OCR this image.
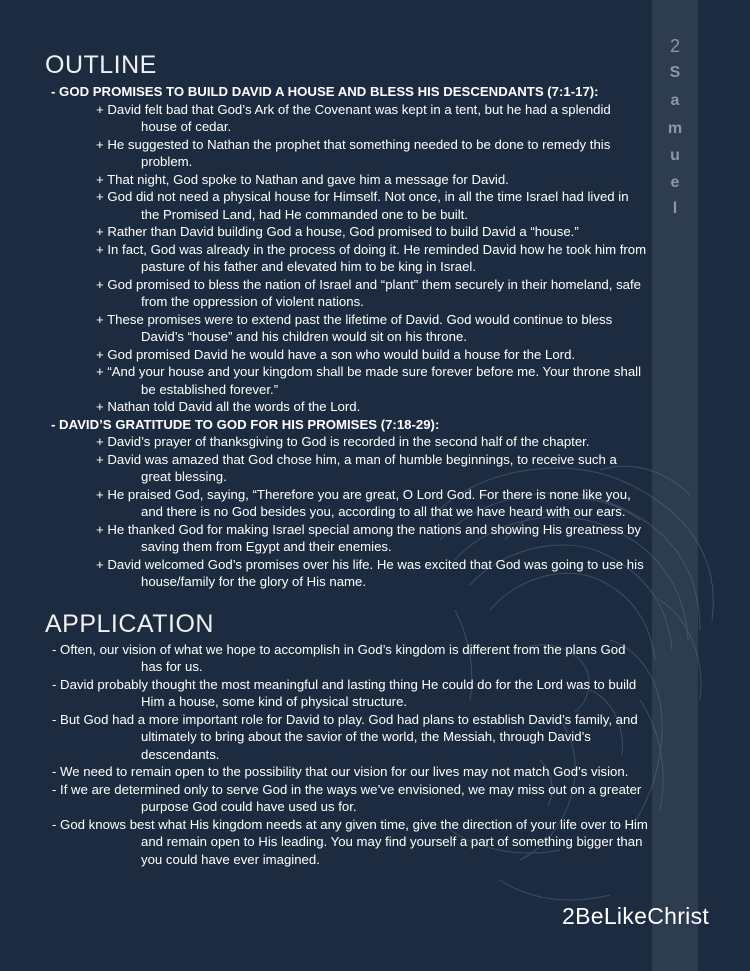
2
S
a
m
u
e
l
OUTLINE
- GOD PROMISES TO BUILD DAVID A HOUSE AND BLESS HIS DESCENDANTS (7:1-17):
+ David felt bad that God’s Ark of the Covenant was kept in a tent, but he had a splendid house of cedar.
+ He suggested to Nathan the prophet that something needed to be done to remedy this problem.
+ That night, God spoke to Nathan and gave him a message for David.
+ God did not need a physical house for Himself. Not once, in all the time Israel had lived in the Promised Land, had He commanded one to be built.
+ Rather than David building God a house, God promised to build David a “house.”
+ In fact, God was already in the process of doing it. He reminded David how he took him from pasture of his father and elevated him to be king in Israel.
+ God promised to bless the nation of Israel and “plant” them securely in their homeland, safe from the oppression of violent nations.
+ These promises were to extend past the lifetime of David. God would continue to bless David’s “house” and his children would sit on his throne.
+ God promised David he would have a son who would build a house for the Lord.
+ “And your house and your kingdom shall be made sure forever before me. Your throne shall be established forever.”
+ Nathan told David all the words of the Lord.
- DAVID’S GRATITUDE TO GOD FOR HIS PROMISES (7:18-29):
+ David’s prayer of thanksgiving to God is recorded in the second half of the chapter.
+ David was amazed that God chose him, a man of humble beginnings, to receive such a great blessing.
+ He praised God, saying, “Therefore you are great, O Lord God. For there is none like you, and there is no God besides you, according to all that we have heard with our ears.
+ He thanked God for making Israel special among the nations and showing His greatness by saving them from Egypt and their enemies.
+ David welcomed God’s promises over his life. He was excited that God was going to use his house/family for the glory of His name.
APPLICATION
- Often, our vision of what we hope to accomplish in God’s kingdom is different from the plans God has for us.
- David probably thought the most meaningful and lasting thing He could do for the Lord was to build Him a house, some kind of physical structure.
- But God had a more important role for David to play. God had plans to establish David’s family, and ultimately to bring about the savior of the world, the Messiah, through David’s descendants.
- We need to remain open to the possibility that our vision for our lives may not match God’s vision.
- If we are determined only to serve God in the ways we’ve envisioned, we may miss out on a greater purpose God could have used us for.
- God knows best what His kingdom needs at any given time, give the direction of your life over to Him and remain open to His leading. You may find yourself a part of something bigger than you could have ever imagined.
2BeLikeChrist
